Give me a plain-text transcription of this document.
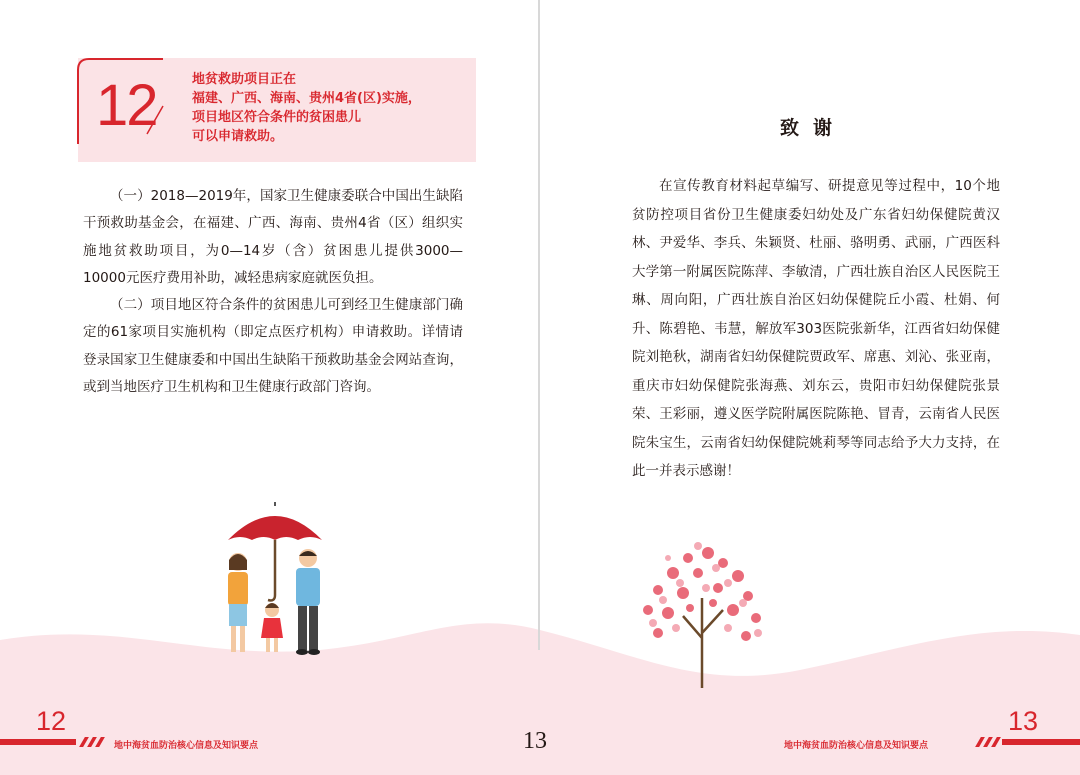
12	地贫救助项目正在
福建、广西、海南、贵州4省(区)实施，
项目地区符合条件的贫困患儿
可以申请救助。

（一）2018—2019年，国家卫生健康委联合中国出生缺陷干预救助基金会，在福建、广西、海南、贵州4省（区）组织实施地贫救助项目，为0—14岁（含）贫困患儿提供3000—10000元医疗费用补助，减轻患病家庭就医负担。

（二）项目地区符合条件的贫困患儿可到经卫生健康部门确定的61家项目实施机构（即定点医疗机构）申请救助。详情请登录国家卫生健康委和中国出生缺陷干预救助基金会网站查询，或到当地医疗卫生机构和卫生健康行政部门咨询。

12
地中海贫血防治核心信息及知识要点	13
致谢

在宣传教育材料起草编写、研提意见等过程中，10个地贫防控项目省份卫生健康委妇幼处及广东省妇幼保健院黄汉林、尹爱华、李兵、朱颖贤、杜丽、骆明勇、武丽，广西医科大学第一附属医院陈萍、李敏清，广西壮族自治区人民医院王琳、周向阳，广西壮族自治区妇幼保健院丘小霞、杜娟、何升、陈碧艳、韦慧，解放军303医院张新华，江西省妇幼保健院刘艳秋，湖南省妇幼保健院贾政军、席惠、刘沁、张亚南，重庆市妇幼保健院张海燕、刘东云，贵阳市妇幼保健院张景荣、王彩丽，遵义医学院附属医院陈艳、冒青，云南省人民医院朱宝生，云南省妇幼保健院姚莉琴等同志给予大力支持，在此一并表示感谢！

地中海贫血防治核心信息及知识要点
13
